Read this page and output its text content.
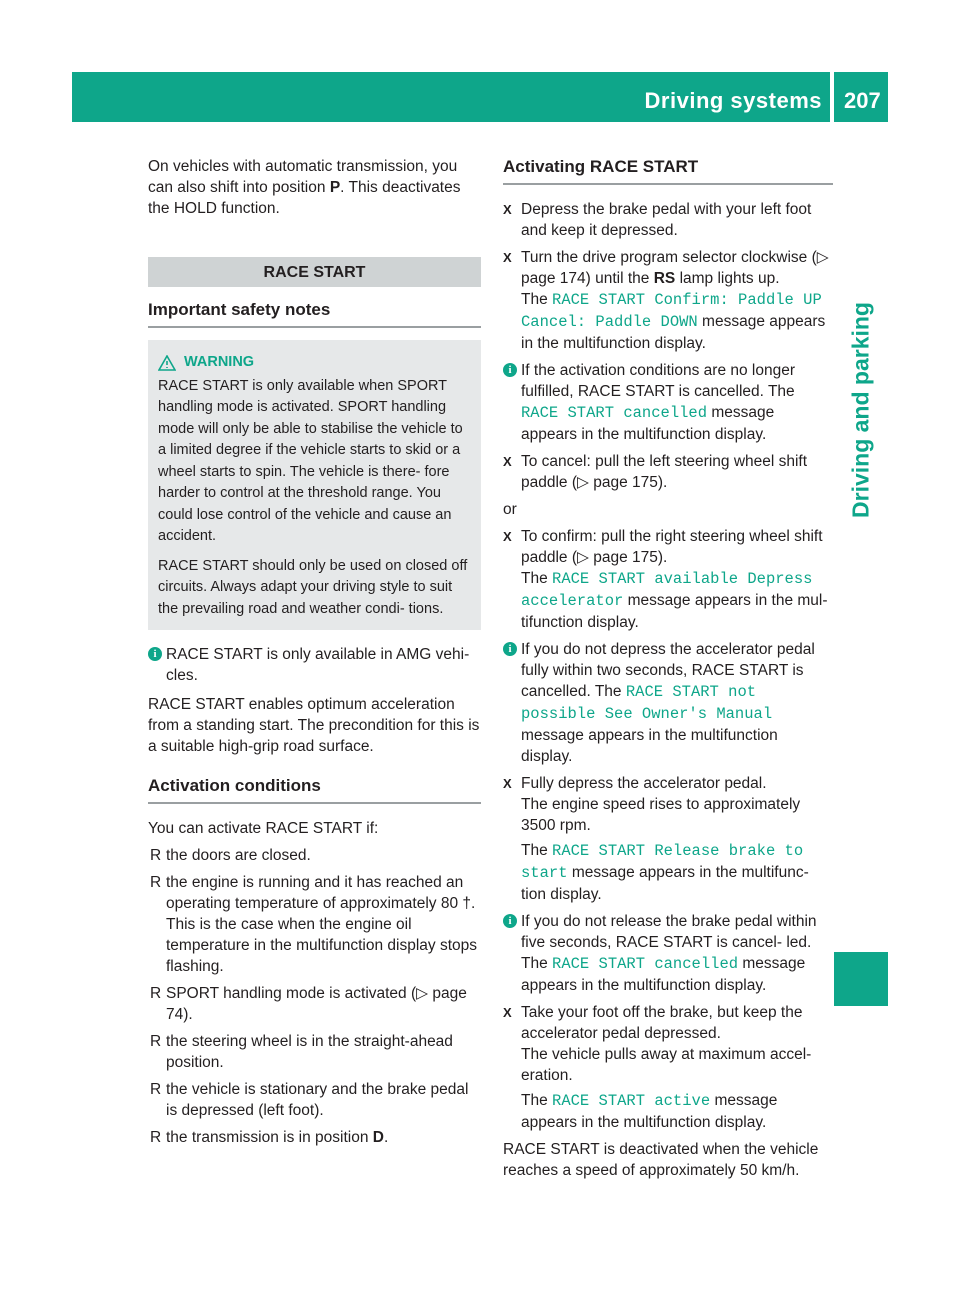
Driving systems 207
Driving and parking

On vehicles with automatic transmission, you can also shift into position P. This deactivates the HOLD function.

RACE START
Important safety notes
WARNING

RACE START is only available when SPORT handling mode is activated. SPORT handling mode will only be able to stabilise the vehicle to a limited degree if the vehicle starts to skid or a wheel starts to spin. The vehicle is there- fore harder to control at the threshold range. You could lose control of the vehicle and cause an accident.

RACE START should only be used on closed off circuits. Always adapt your driving style to suit the prevailing road and weather condi- tions.

i RACE START is only available in AMG vehi- cles.

RACE START enables optimum acceleration from a standing start. The precondition for this is a suitable high-grip road surface.

Activation conditions

You can activate RACE START if:

R the doors are closed.
R the engine is running and it has reached an operating temperature of approximately 80 †. This is the case when the engine oil temperature in the multifunction display stops flashing.
R SPORT handling mode is activated (▷ page 74).
R the steering wheel is in the straight-ahead position.
R the vehicle is stationary and the brake pedal is depressed (left foot).
R the transmission is in position D.
Activating RACE START
X Depress the brake pedal with your left foot and keep it depressed.
X Turn the drive program selector clockwise (▷ page 174) until the RS lamp lights up.
The RACE START Confirm: Paddle UP Cancel: Paddle DOWN message appears in the multifunction display.
i If the activation conditions are no longer fulfilled, RACE START is cancelled. The RACE START cancelled message appears in the multifunction display.
X To cancel: pull the left steering wheel shift paddle (▷ page 175).

or

X To confirm: pull the right steering wheel shift paddle (▷ page 175).
The RACE START available Depress accelerator message appears in the mul- tifunction display.
i If you do not depress the accelerator pedal fully within two seconds, RACE START is cancelled. The RACE START not possible See Owner's Manual message appears in the multifunction display.
X Fully depress the accelerator pedal.
The engine speed rises to approximately 3500 rpm.
The RACE START Release brake to start message appears in the multifunc- tion display.
i If you do not release the brake pedal within five seconds, RACE START is cancel- led. The RACE START cancelled message appears in the multifunction display.
X Take your foot off the brake, but keep the accelerator pedal depressed.
The vehicle pulls away at maximum accel- eration.
The RACE START active message appears in the multifunction display.

RACE START is deactivated when the vehicle reaches a speed of approximately 50 km/h.
